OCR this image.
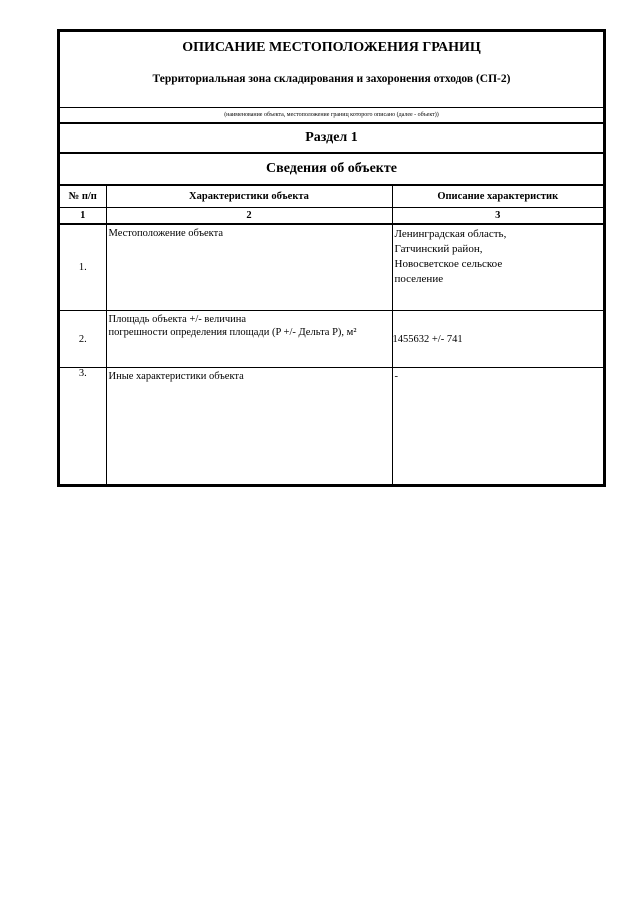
ОПИСАНИЕ МЕСТОПОЛОЖЕНИЯ ГРАНИЦ
Территориальная зона складирования и захоронения отходов (СП-2)
(наименование объекта, местоположение границ которого описано (далее - объект))
Раздел 1
Сведения об объекте
№ п/п	Характеристики объекта	Описание характеристик
1	2	3
1.	Местоположение объекта	Ленинградская область,
Гатчинский район,
Новосветское сельское
поселение

2.	Площадь объекта +/- величина
погрешности определения площади (P +/- Дельта P), м²	1455632 +/- 741
3.	Иные характеристики объекта	-
